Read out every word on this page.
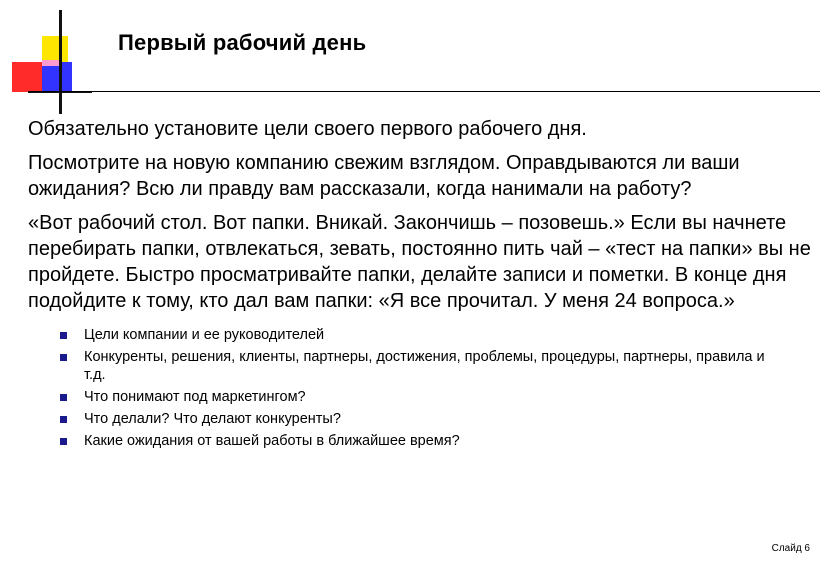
Первый рабочий день

Обязательно установите цели своего первого рабочего дня.

Посмотрите на новую компанию свежим взглядом. Оправдываются ли ваши ожидания? Всю ли правду вам рассказали, когда нанимали на работу?

«Вот рабочий стол. Вот папки. Вникай. Закончишь – позовешь.» Если вы начнете перебирать папки, отвлекаться, зевать, постоянно пить чай – «тест на папки» вы не пройдете. Быстро просматривайте папки, делайте записи и пометки. В конце дня подойдите к тому, кто дал вам папки: «Я все прочитал. У меня 24 вопроса.»

Цели компании и ее руководителей
Конкуренты, решения, клиенты, партнеры, достижения, проблемы, процедуры, партнеры, правила и т.д.
Что понимают под маркетингом?
Что делали? Что делают конкуренты?
Какие ожидания от вашей работы в ближайшее время?
Слайд 6
